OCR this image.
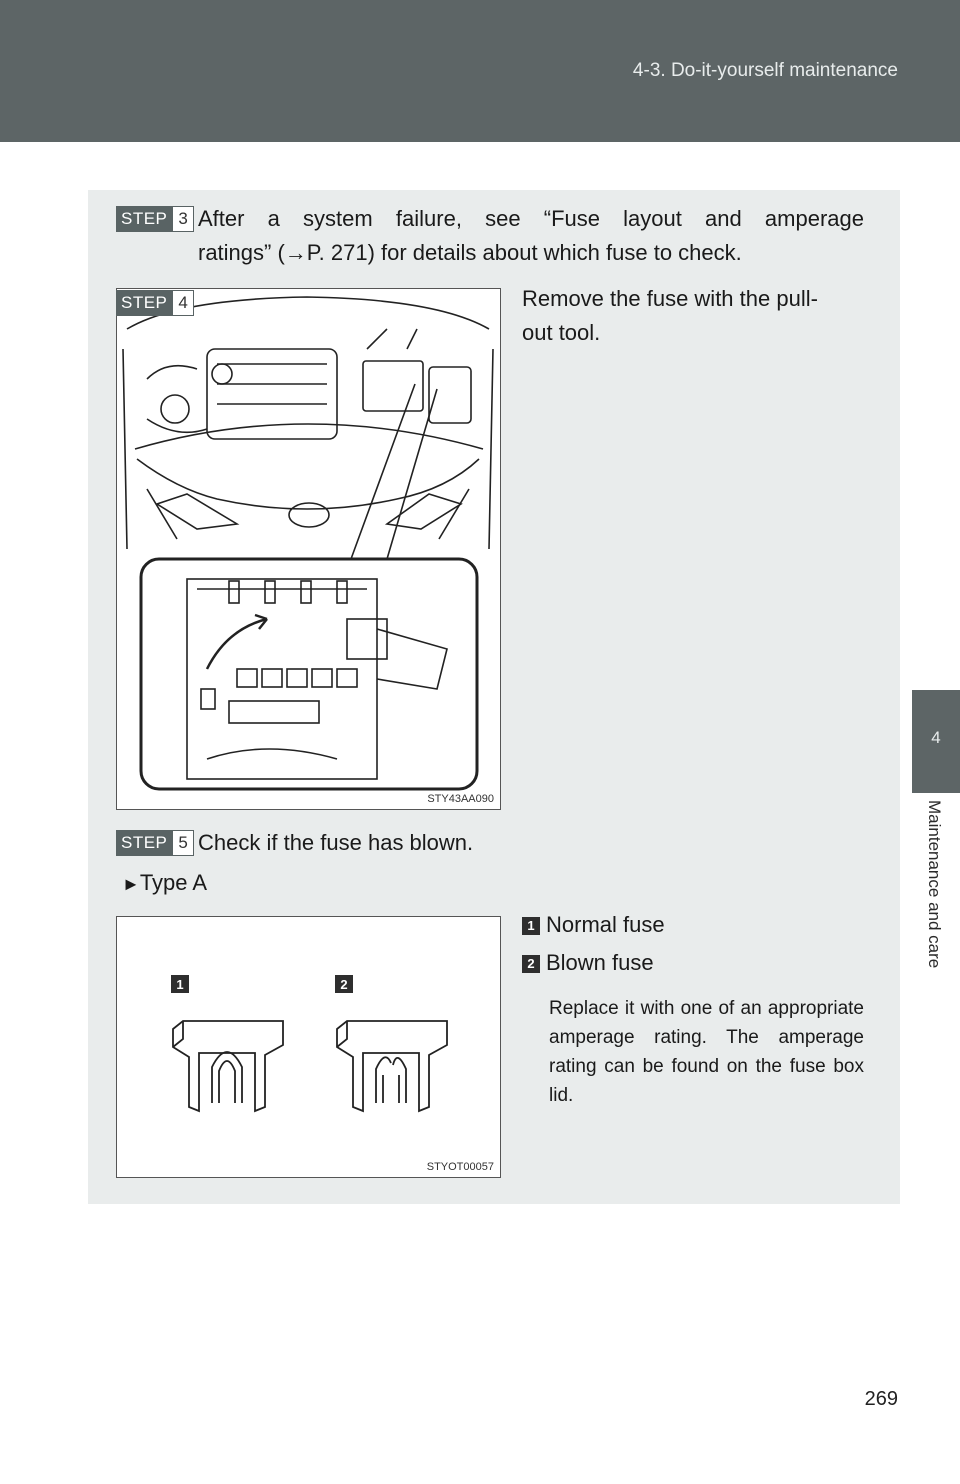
4-3. Do-it-yourself maintenance
4
Maintenance and care
STEP 3 After a system failure, see “Fuse layout and amperage
ratings” (→P. 271) for details about which fuse to check.
STY43AA090
STEP 4	Remove the fuse with the pull-
out tool.
STEP 5 Check if the fuse has blown.
►Type A
1	2
STYOT00057
1 Normal fuse
2 Blown fuse
Replace it with one of an appropriate amperage rating. The amperage rating can be found on the fuse box lid.
269
